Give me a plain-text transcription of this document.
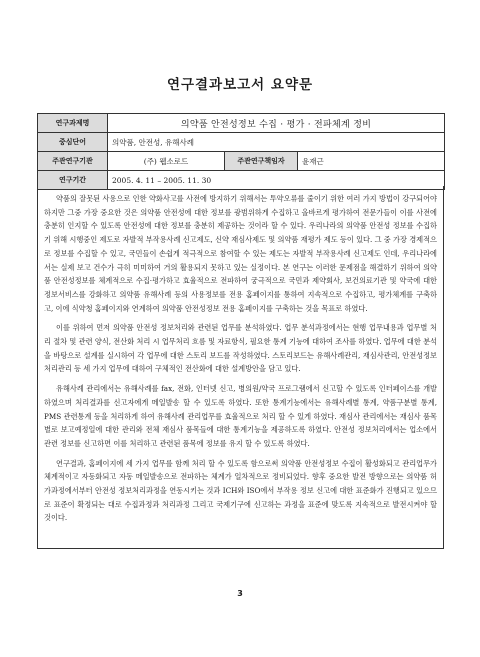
연구결과보고서 요약문
연구과제명	의약품 안전성정보 수집 · 평가 · 전파체계 정비		
중심단어	의약품, 안전성, 유해사례		
주관연구기관	(주) 웹소로드	주관연구책임자	윤재근
연구기간	2005. 4. 11 – 2005. 11. 30		

약품의 잘못된 사용으로 인한 약화사고를 사전에 방지하기 위해서는 투약오류를 줄이기 위한 여러 가지 방법이 강구되어야 하지만 그중 가장 중요한 것은 의약품 안전성에 대한 정보를 광범위하게 수집하고 올바르게 평가하여 전문가들이 이를 사전에 충분히 인지할 수 있도록 안전성에 대한 정보를 충분히 제공하는 것이라 할 수 있다. 우리나라의 의약품 안전성 정보를 수집하기 위해 시행중인 제도로 자발적 부작용사례 신고제도, 신약 재심사제도 및 의약품 재평가 제도 등이 있다. 그 중 가장 경제적으로 정보를 수집할 수 있고, 국민들이 손쉽게 적극적으로 참여할 수 있는 제도는 자발적 부작용사례 신고제도 인데, 우리나라에서는 실제 보고 건수가 극히 미미하여 거의 활용되지 못하고 있는 실정이다. 본 연구는 이러한 문제점을 해결하기 위하여 의약품 안전성정보를 체계적으로 수집·평가하고 효율적으로 전파하여 궁극적으로 국민과 제약회사, 보건의료기관 및 약국에 대한 정보서비스를 강화하고 의약품 유해사례 등의 사용정보를 전용 홈페이지를 통하여 지속적으로 수집하고, 평가체계를 구축하고, 이에 식약청 홈페이지와 연계하여 의약품 안전성정보 전용 홈페이지를 구축하는 것을 목표로 하였다.

이를 위하여 먼저 의약품 안전성 정보처리와 관련된 업무를 분석하였다. 업무 분석과정에서는 현행 업무내용과 업무별 처리 절차 및 관련 양식, 전산화 처리 시 업무처리 흐름 및 자료항식, 필요한 통계 기능에 대하여 조사를 하였다. 업무에 대한 분석을 바탕으로 설계를 실시하여 각 업무에 대한 스토리 보드를 작성하였다. 스토리보드는 유해사례관리, 재심사관리, 안전성정보처리관리 등 세 가지 업무에 대하여 구체적인 전산화에 대한 설계방안을 담고 있다.

유해사례 관리에서는 유해사례를 fax, 전화, 인터넷 신고, 병의원/약국 프로그램에서 신고할 수 있도록 인터페이스를 개발 하였으며 처리결과를 신고자에게 메일발송 할 수 있도록 하였다. 또한 통계기능에서는 유해사례별 통계, 약품구분별 통계, PMS 관련통계 등을 처리하게 하여 유해사례 관리업무를 효율적으로 처리 할 수 있게 하였다. 재심사 관리에서는 재심사 품목별로 보고예정일에 대한 관리와 전체 재심사 품목들에 대한 통계기능을 제공하도록 하였다. 안전성 정보처리에서는 업소에서 관련 정보를 신고하면 이를 처리하고 관련된 품목에 정보를 유지 할 수 있도록 하였다.

연구결과, 홈페이지에 세 가지 업무를 함께 처리 할 수 있도록 함으로써 의약품 안전성정보 수집이 활성화되고 관리업무가 체계적이고 자동화되고 자동 메일발송으로 전파하는 체계가 일차적으로 정비되었다. 향후 중요한 발전 방향으로는 의약품 허가과정에서부터 안전성 정보처리과정을 연동시키는 것과 ICH와 ISO에서 부작용 정보 신고에 대한 표준화가 진행되고 있으므로 표준이 확정되는 대로 수집과정과 처리과정 그리고 국제기구에 신고하는 과정을 표준에 맞도록 지속적으로 발전시켜야 할 것이다.

3
